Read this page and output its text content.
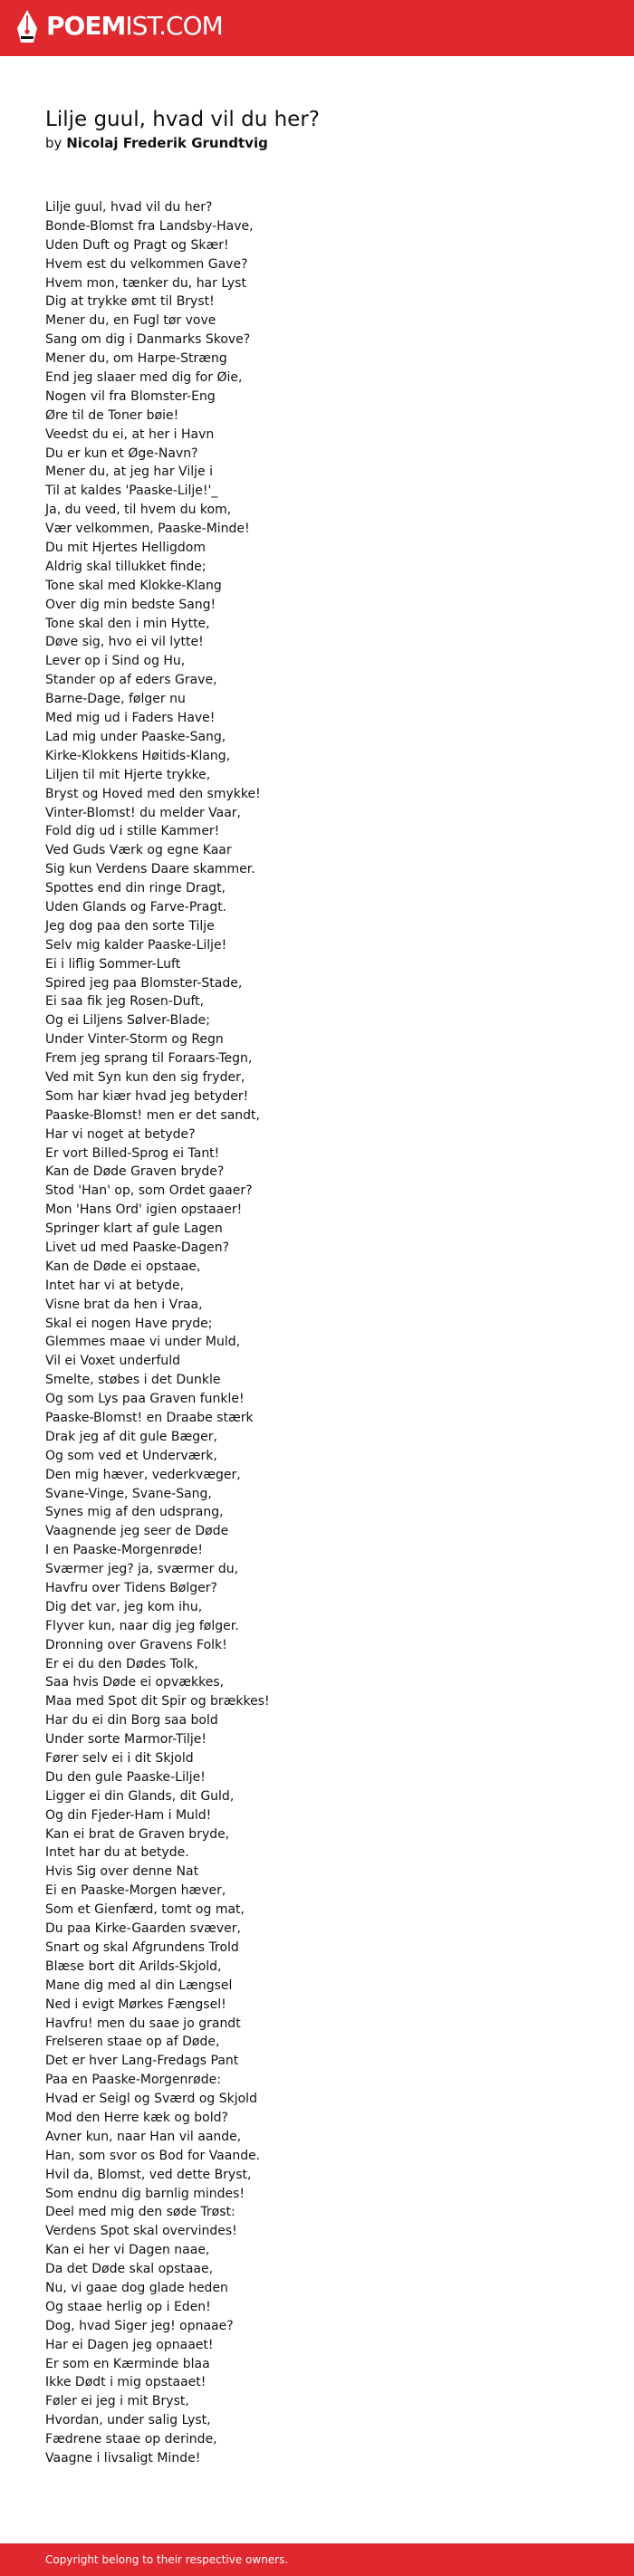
POEMIST.COM
Lilje guul, hvad vil du her?
by Nicolaj Frederik Grundtvig
Lilje guul, hvad vil du her?
Bonde-Blomst fra Landsby-Have,
Uden Duft og Pragt og Skær!
Hvem est du velkommen Gave?
Hvem mon, tænker du, har Lyst
Dig at trykke ømt til Bryst!
Mener du, en Fugl tør vove
Sang om dig i Danmarks Skove?
Mener du, om Harpe-Stræng
End jeg slaaer med dig for Øie,
Nogen vil fra Blomster-Eng
Øre til de Toner bøie!
Veedst du ei, at her i Havn
Du er kun et Øge-Navn?
Mener du, at jeg har Vilje i
Til at kaldes 'Paaske-Lilje!'_
Ja, du veed, til hvem du kom,
Vær velkommen, Paaske-Minde!
Du mit Hjertes Helligdom
Aldrig skal tillukket finde;
Tone skal med Klokke-Klang
Over dig min bedste Sang!
Tone skal den i min Hytte,
Døve sig, hvo ei vil lytte!
Lever op i Sind og Hu,
Stander op af eders Grave,
Barne-Dage, følger nu
Med mig ud i Faders Have!
Lad mig under Paaske-Sang,
Kirke-Klokkens Høitids-Klang,
Liljen til mit Hjerte trykke,
Bryst og Hoved med den smykke!
Vinter-Blomst! du melder Vaar,
Fold dig ud i stille Kammer!
Ved Guds Værk og egne Kaar
Sig kun Verdens Daare skammer.
Spottes end din ringe Dragt,
Uden Glands og Farve-Pragt.
Jeg dog paa den sorte Tilje
Selv mig kalder Paaske-Lilje!
Ei i liflig Sommer-Luft
Spired jeg paa Blomster-Stade,
Ei saa fik jeg Rosen-Duft,
Og ei Liljens Sølver-Blade;
Under Vinter-Storm og Regn
Frem jeg sprang til Foraars-Tegn,
Ved mit Syn kun den sig fryder,
Som har kiær hvad jeg betyder!
Paaske-Blomst! men er det sandt,
Har vi noget at betyde?
Er vort Billed-Sprog ei Tant!
Kan de Døde Graven bryde?
Stod 'Han' op, som Ordet gaaer?
Mon 'Hans Ord' igien opstaaer!
Springer klart af gule Lagen
Livet ud med Paaske-Dagen?
Kan de Døde ei opstaae,
Intet har vi at betyde,
Visne brat da hen i Vraa,
Skal ei nogen Have pryde;
Glemmes maae vi under Muld,
Vil ei Voxet underfuld
Smelte, støbes i det Dunkle
Og som Lys paa Graven funkle!
Paaske-Blomst! en Draabe stærk
Drak jeg af dit gule Bæger,
Og som ved et Underværk,
Den mig hæver, vederkvæger,
Svane-Vinge, Svane-Sang,
Synes mig af den udsprang,
Vaagnende jeg seer de Døde
I en Paaske-Morgenrøde!
Sværmer jeg? ja, sværmer du,
Havfru over Tidens Bølger?
Dig det var, jeg kom ihu,
Flyver kun, naar dig jeg følger.
Dronning over Gravens Folk!
Er ei du den Dødes Tolk,
Saa hvis Døde ei opvækkes,
Maa med Spot dit Spir og brækkes!
Har du ei din Borg saa bold
Under sorte Marmor-Tilje!
Fører selv ei i dit Skjold
Du den gule Paaske-Lilje!
Ligger ei din Glands, dit Guld,
Og din Fjeder-Ham i Muld!
Kan ei brat de Graven bryde,
Intet har du at betyde.
Hvis Sig over denne Nat
Ei en Paaske-Morgen hæver,
Som et Gienfærd, tomt og mat,
Du paa Kirke-Gaarden svæver,
Snart og skal Afgrundens Trold
Blæse bort dit Arilds-Skjold,
Mane dig med al din Længsel
Ned i evigt Mørkes Fængsel!
Havfru! men du saae jo grandt
Frelseren staae op af Døde,
Det er hver Lang-Fredags Pant
Paa en Paaske-Morgenrøde:
Hvad er Seigl og Sværd og Skjold
Mod den Herre kæk og bold?
Avner kun, naar Han vil aande,
Han, som svor os Bod for Vaande.
Hvil da, Blomst, ved dette Bryst,
Som endnu dig barnlig mindes!
Deel med mig den søde Trøst:
Verdens Spot skal overvindes!
Kan ei her vi Dagen naae,
Da det Døde skal opstaae,
Nu, vi gaae dog glade heden
Og staae herlig op i Eden!
Dog, hvad Siger jeg! opnaae?
Har ei Dagen jeg opnaaet!
Er som en Kærminde blaa
Ikke Dødt i mig opstaaet!
Føler ei jeg i mit Bryst,
Hvordan, under salig Lyst,
Fædrene staae op derinde,
Vaagne i livsaligt Minde!
Copyright belong to their respective owners.
